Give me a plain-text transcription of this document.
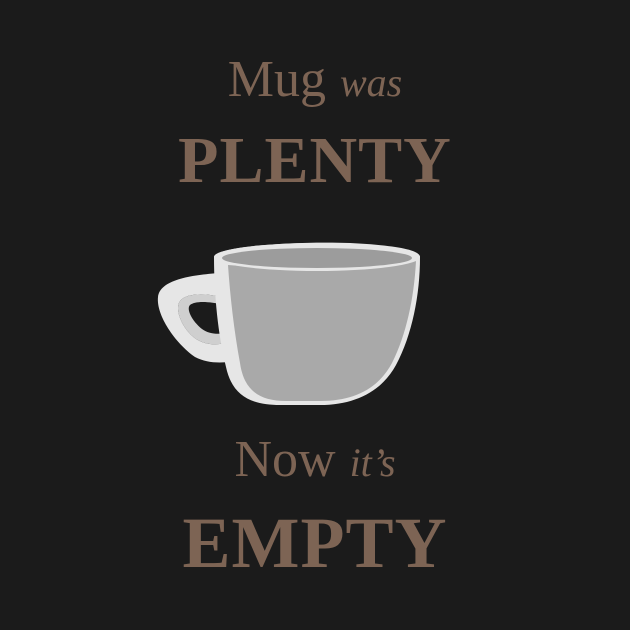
Mug was
PLENTY
Now it’s
EMPTY
